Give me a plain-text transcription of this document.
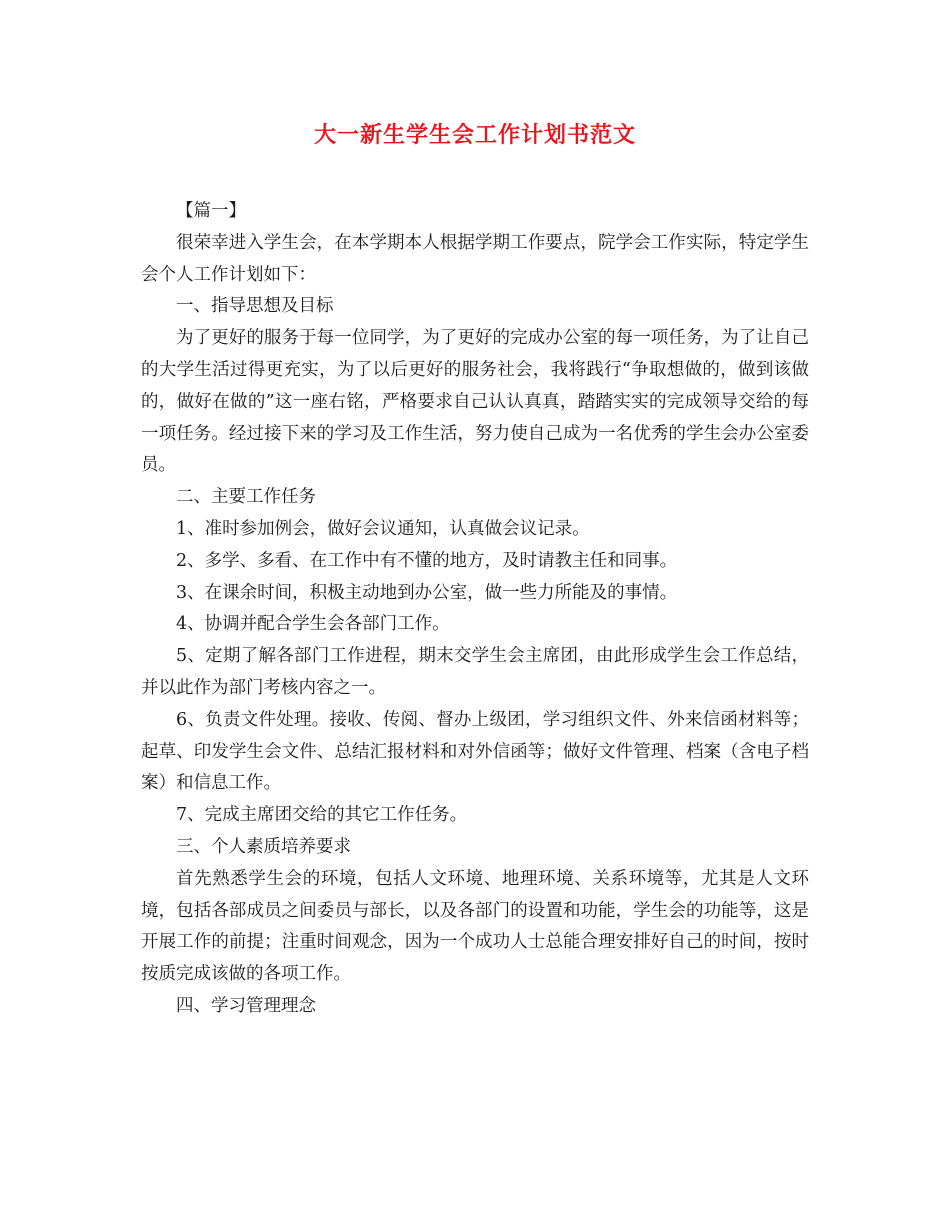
大一新生学生会工作计划书范文

【篇一】

很荣幸进入学生会，在本学期本人根据学期工作要点，院学会工作实际，特定学生会个人工作计划如下：

一、指导思想及目标

为了更好的服务于每一位同学，为了更好的完成办公室的每一项任务，为了让自己的大学生活过得更充实，为了以后更好的服务社会，我将践行“争取想做的，做到该做的，做好在做的”这一座右铭，严格要求自己认认真真，踏踏实实的完成领导交给的每一项任务。经过接下来的学习及工作生活，努力使自己成为一名优秀的学生会办公室委员。

二、主要工作任务

1、准时参加例会，做好会议通知，认真做会议记录。

2、多学、多看、在工作中有不懂的地方，及时请教主任和同事。

3、在课余时间，积极主动地到办公室，做一些力所能及的事情。

4、协调并配合学生会各部门工作。

5、定期了解各部门工作进程，期末交学生会主席团，由此形成学生会工作总结，并以此作为部门考核内容之一。

6、负责文件处理。接收、传阅、督办上级团，学习组织文件、外来信函材料等；起草、印发学生会文件、总结汇报材料和对外信函等；做好文件管理、档案（含电子档案）和信息工作。

7、完成主席团交给的其它工作任务。

三、个人素质培养要求

首先熟悉学生会的环境，包括人文环境、地理环境、关系环境等，尤其是人文环境，包括各部成员之间委员与部长，以及各部门的设置和功能，学生会的功能等，这是开展工作的前提；注重时间观念，因为一个成功人士总能合理安排好自己的时间，按时按质完成该做的各项工作。

四、学习管理理念
